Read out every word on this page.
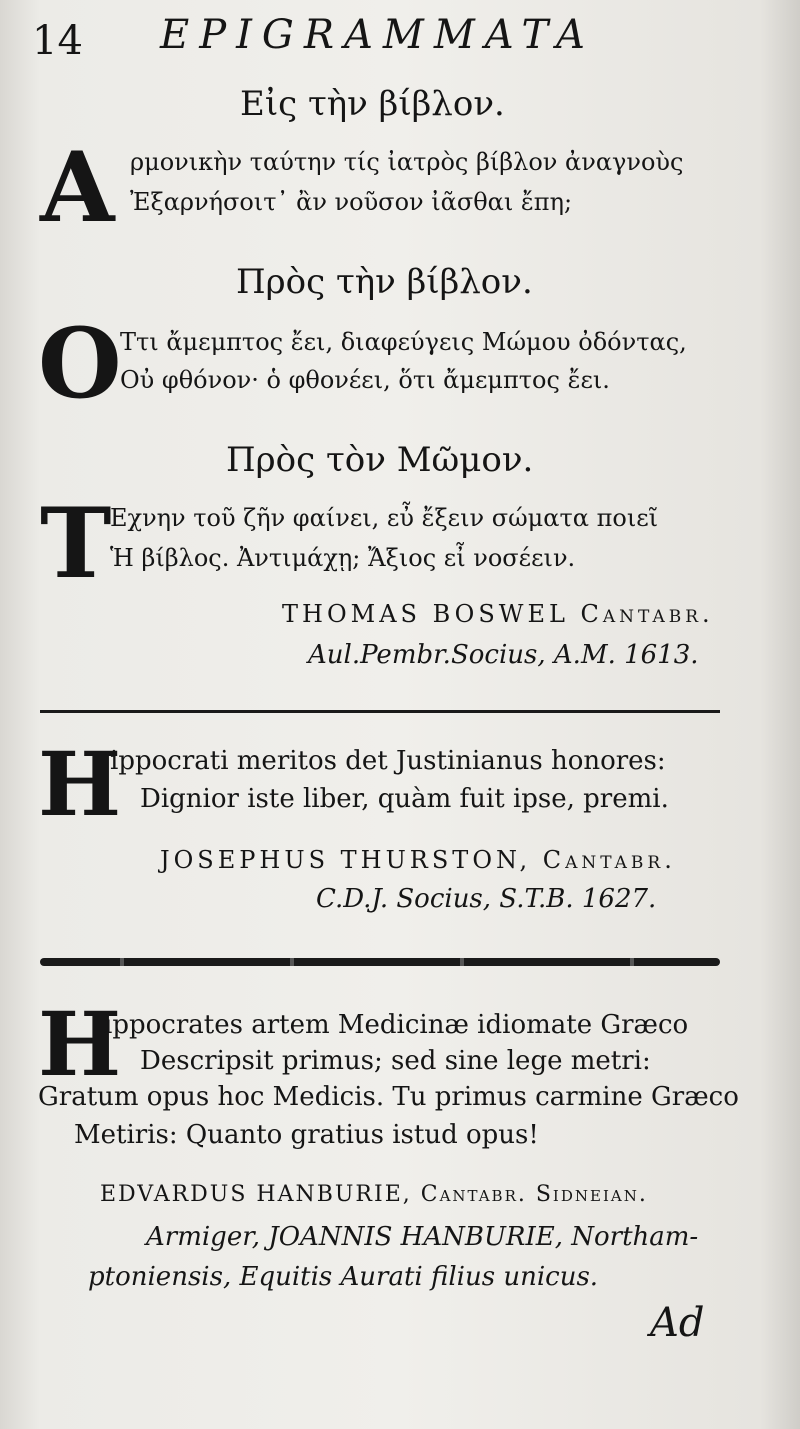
14 EPIGRAMMATA
Εἰς τὴν βίβλον.
Α ρμονικὴν ταύτην τίς ἰατρὸς βίβλον ἀναγνοὺς
Ἐξαρνήσοιτ᾽ ἂν νοῦσον ἰᾶσθαι ἔπη;
Πρὸς τὴν βίβλον.
Ο
Ττι ἄμεμπτος ἔει, διαφεύγεις Μώμου ὀδόντας,
Οὐ φθόνον· ὁ φθονέει, ὅτι ἄμεμπτος ἔει.
Πρὸς τὸν Μῶμον.
Τ
Εχνην τοῦ ζῆν φαίνει, εὖ ἔξειν σώματα ποιεῖ
Ἡ βίβλος. Ἀντιμάχῃ; Ἄξιος εἶ νοσέειν.
THOMAS BOSWEL Cantabr.
Aul.Pembr.Socius, A.M. 1613.
H
ippocrati meritos det Justinianus honores:
Dignior iste liber, quàm fuit ipse, premi.
JOSEPHUS THURSTON, Cantabr.
C.D.J. Socius, S.T.B. 1627.
H
ippocrates artem Medicinæ idiomate Græco
Descripsit primus; sed sine lege metri:
Gratum opus hoc Medicis. Tu primus carmine Græco
Metiris: Quanto gratius istud opus!
EDVARDUS HANBURIE, Cantabr. Sidneian.
Armiger, JOANNIS HANBURIE, Northam-
ptoniensis, Equitis Aurati filius unicus.
Ad
